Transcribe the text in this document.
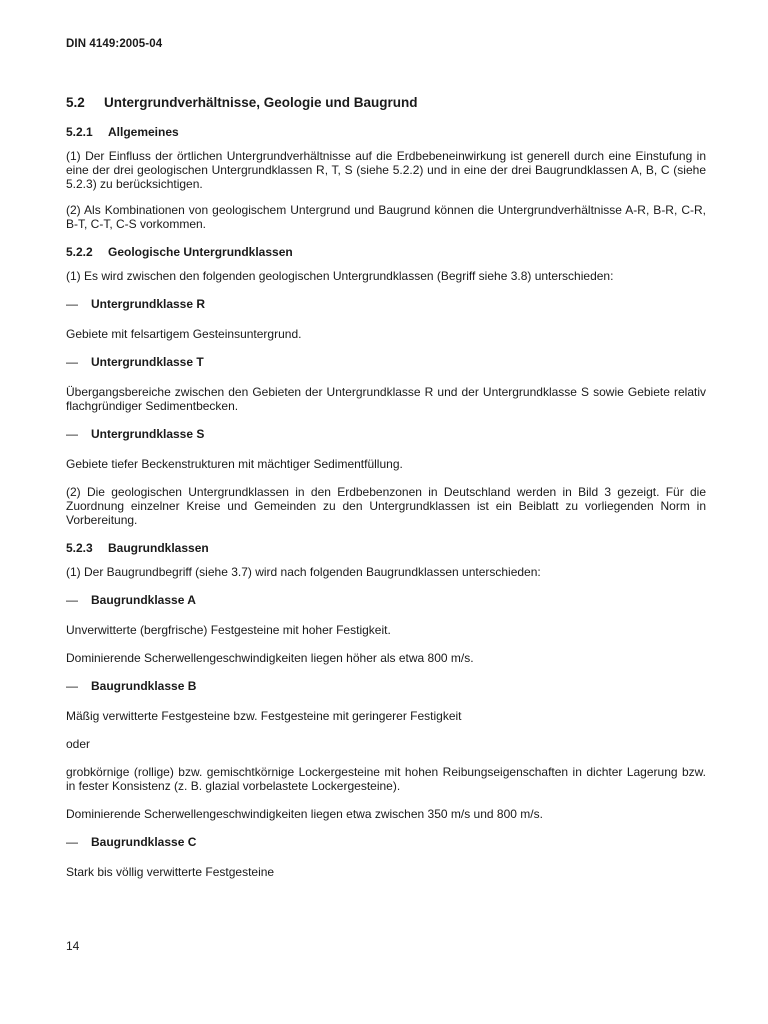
DIN 4149:2005-04
5.2 Untergrundverhältnisse, Geologie und Baugrund
5.2.1 Allgemeines

(1) Der Einfluss der örtlichen Untergrundverhältnisse auf die Erdbebeneinwirkung ist generell durch eine Einstufung in eine der drei geologischen Untergrundklassen R, T, S (siehe 5.2.2) und in eine der drei Baugrundklassen A, B, C (siehe 5.2.3) zu berücksichtigen.

(2) Als Kombinationen von geologischem Untergrund und Baugrund können die Untergrundverhältnisse A-R, B-R, C-R, B-T, C-T, C-S vorkommen.

5.2.2 Geologische Untergrundklassen

(1) Es wird zwischen den folgenden geologischen Untergrundklassen (Begriff siehe 3.8) unterschieden:

— Untergrundklasse R

Gebiete mit felsartigem Gesteinsuntergrund.

— Untergrundklasse T

Übergangsbereiche zwischen den Gebieten der Untergrundklasse R und der Untergrundklasse S sowie Gebiete relativ flachgründiger Sedimentbecken.

— Untergrundklasse S

Gebiete tiefer Beckenstrukturen mit mächtiger Sedimentfüllung.

(2) Die geologischen Untergrundklassen in den Erdbebenzonen in Deutschland werden in Bild 3 gezeigt. Für die Zuordnung einzelner Kreise und Gemeinden zu den Untergrundklassen ist ein Beiblatt zu vorliegenden Norm in Vorbereitung.

5.2.3 Baugrundklassen

(1) Der Baugrundbegriff (siehe 3.7) wird nach folgenden Baugrundklassen unterschieden:

— Baugrundklasse A

Unverwitterte (bergfrische) Festgesteine mit hoher Festigkeit.

Dominierende Scherwellengeschwindigkeiten liegen höher als etwa 800 m/s.

— Baugrundklasse B

Mäßig verwitterte Festgesteine bzw. Festgesteine mit geringerer Festigkeit

oder

grobkörnige (rollige) bzw. gemischtkörnige Lockergesteine mit hohen Reibungseigenschaften in dichter Lagerung bzw. in fester Konsistenz (z. B. glazial vorbelastete Lockergesteine).

Dominierende Scherwellengeschwindigkeiten liegen etwa zwischen 350 m/s und 800 m/s.

— Baugrundklasse C

Stark bis völlig verwitterte Festgesteine

14
